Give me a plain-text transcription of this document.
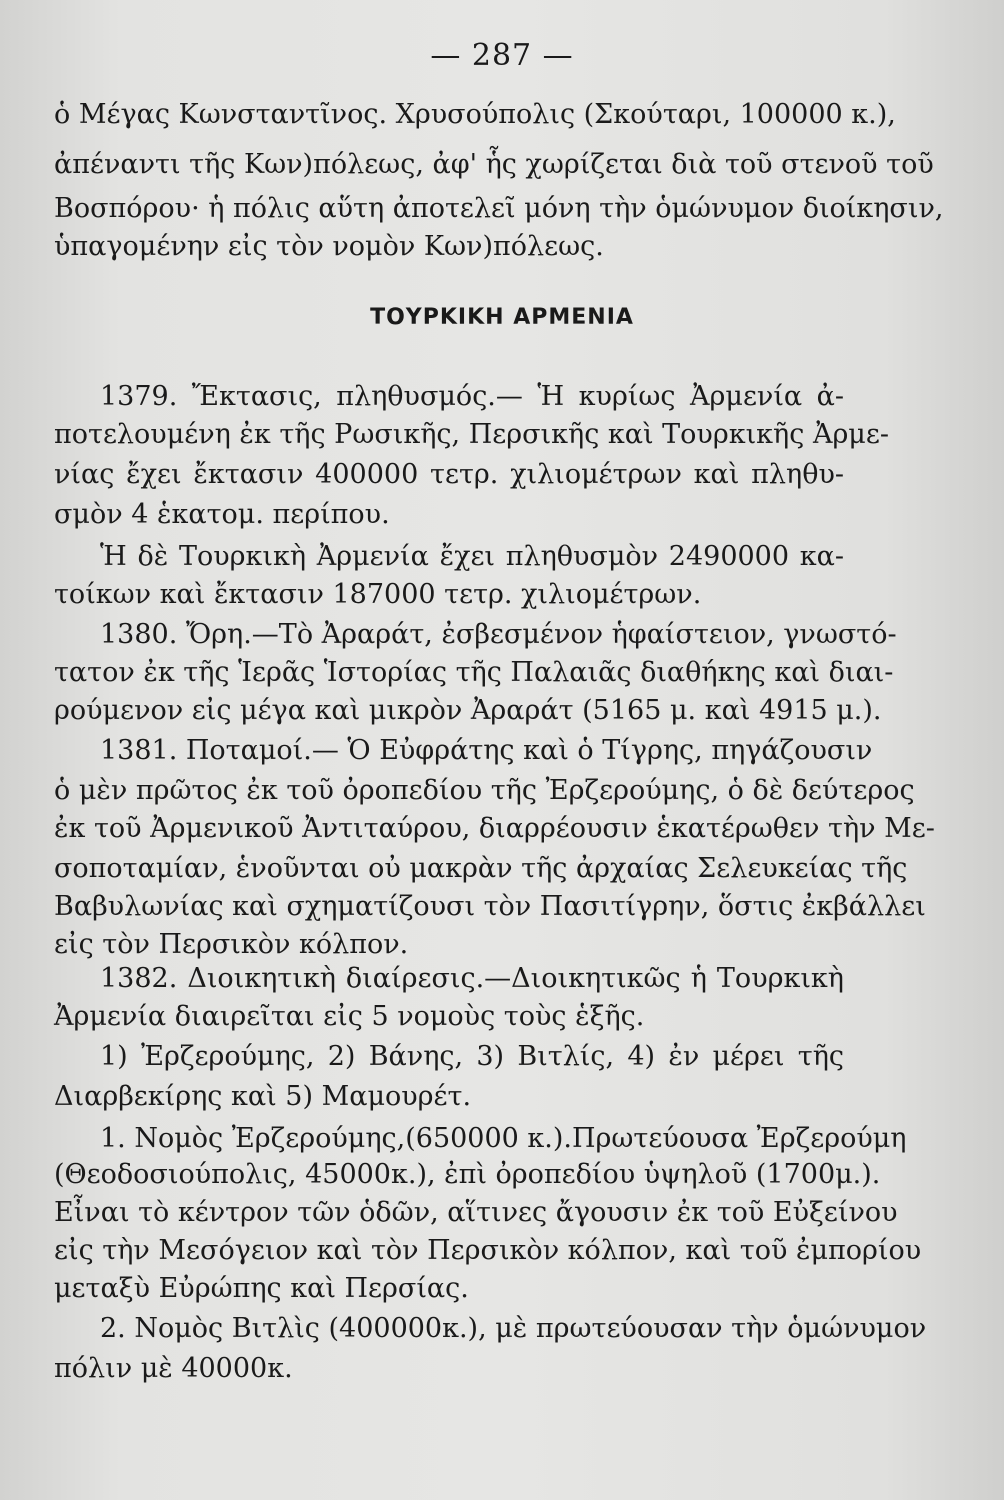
— 287 —
ὁ Μέγας Κωνσταντῖνος. Χρυσούπολις (Σκούταρι, 100000 κ.),
ἀπέναντι τῆς Κων)πόλεως, ἀφ' ἧς χωρίζεται διὰ τοῦ στενοῦ τοῦ
Βοσπόρου· ἡ πόλις αὕτη ἀποτελεῖ μόνη τὴν ὁμώνυμον διοίκησιν,
ὑπαγομένην εἰς τὸν νομὸν Κων)πόλεως.
ΤΟΥΡΚΙΚΗ ΑΡΜΕΝΙΑ
1379. Ἔκτασις, πληθυσμός.— Ἡ κυρίως Ἀρμενία ἀ-
ποτελουμένη ἐκ τῆς Ρωσικῆς, Περσικῆς καὶ Τουρκικῆς Ἀρμε-
νίας ἔχει ἔκτασιν 400000 τετρ. χιλιομέτρων καὶ πληθυ-
σμὸν 4 ἑκατομ. περίπου.
Ἡ δὲ Τουρκικὴ Ἀρμενία ἔχει πληθυσμὸν 2490000 κα-
τοίκων καὶ ἔκτασιν 187000 τετρ. χιλιομέτρων.
1380. Ὄρη.—Τὸ Ἀραράτ, ἐσβεσμένον ἡφαίστειον, γνωστό-
τατον ἐκ τῆς Ἱερᾶς Ἱστορίας τῆς Παλαιᾶς διαθήκης καὶ διαι-
ρούμενον εἰς μέγα καὶ μικρὸν Ἀραράτ (5165 μ. καὶ 4915 μ.).
1381. Ποταμοί.— Ὁ Εὐφράτης καὶ ὁ Τίγρης, πηγάζουσιν
ὁ μὲν πρῶτος ἐκ τοῦ ὀροπεδίου τῆς Ἐρζερούμης, ὁ δὲ δεύτερος
ἐκ τοῦ Ἀρμενικοῦ Ἀντιταύρου, διαρρέουσιν ἑκατέρωθεν τὴν Με-
σοποταμίαν, ἑνοῦνται οὐ μακρὰν τῆς ἀρχαίας Σελευκείας τῆς
Βαβυλωνίας καὶ σχηματίζουσι τὸν Πασιτίγρην, ὅστις ἐκβάλλει
εἰς τὸν Περσικὸν κόλπον.
1382. Διοικητικὴ διαίρεσις.—Διοικητικῶς ἡ Τουρκικὴ
Ἀρμενία διαιρεῖται εἰς 5 νομοὺς τοὺς ἑξῆς.
1) Ἐρζερούμης, 2) Βάνης, 3) Βιτλίς, 4) ἐν μέρει τῆς
Διαρβεκίρης καὶ 5) Μαμουρέτ.
1. Νομὸς Ἐρζερούμης,(650000 κ.).Πρωτεύουσα Ἐρζερούμη
(Θεοδοσιούπολις, 45000κ.), ἐπὶ ὀροπεδίου ὑψηλοῦ (1700μ.).
Εἶναι τὸ κέντρον τῶν ὁδῶν, αἵτινες ἄγουσιν ἐκ τοῦ Εὐξείνου
εἰς τὴν Μεσόγειον καὶ τὸν Περσικὸν κόλπον, καὶ τοῦ ἐμπορίου
μεταξὺ Εὐρώπης καὶ Περσίας.
2. Νομὸς Βιτλὶς (400000κ.), μὲ πρωτεύουσαν τὴν ὁμώνυμον
πόλιν μὲ 40000κ.
